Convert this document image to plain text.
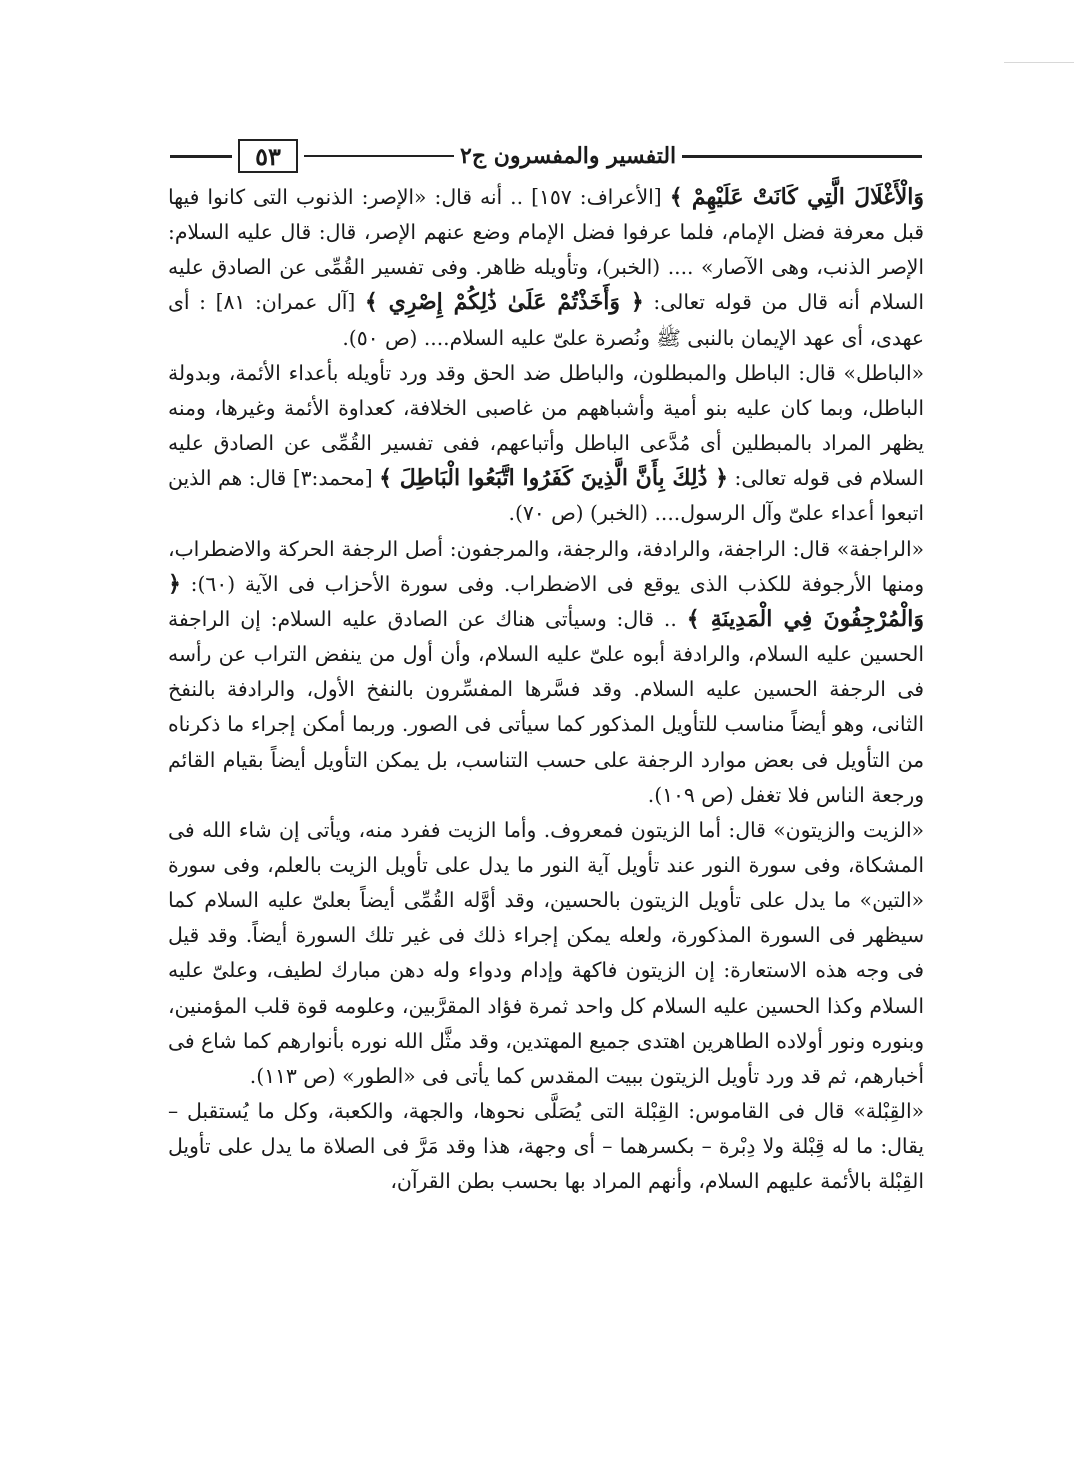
٥٣	التفسير والمفسرون ج٢

وَالْأَغْلَالَ الَّتِي كَانَتْ عَلَيْهِمْ ﴾ [الأعراف: ١٥٧] .. أنه قال: «الإصر: الذنوب التى كانوا فيها قبل معرفة فضل الإمام، فلما عرفوا فضل الإمام وضع عنهم الإصر، قال: قال عليه السلام: الإصر الذنب، وهى الآصار» .... (الخبر)، وتأويله ظاهر. وفى تفسير القُمِّى عن الصادق عليه السلام أنه قال من قوله تعالى: ﴿ وَأَخَذْتُمْ عَلَىٰ ذَٰلِكُمْ إِصْرِي ﴾ [آل عمران: ٨١] : أى عهدى، أى عهد الإيمان بالنبى ﷺ ونُصرة علىّ عليه السلام.... (ص ٥٠).

«الباطل» قال: الباطل والمبطلون، والباطل ضد الحق وقد ورد تأويله بأعداء الأئمة، وبدولة الباطل، وبما كان عليه بنو أمية وأشباههم من غاصبى الخلافة، كعداوة الأئمة وغيرها، ومنه يظهر المراد بالمبطلين أى مُدَّعى الباطل وأتباعهم، ففى تفسير القُمِّى عن الصادق عليه السلام فى قوله تعالى: ﴿ ذَٰلِكَ بِأَنَّ الَّذِينَ كَفَرُوا اتَّبَعُوا الْبَاطِلَ ﴾ [محمد:٣] قال: هم الذين اتبعوا أعداء علىّ وآل الرسول.... (الخبر) (ص ٧٠).

«الراجفة» قال: الراجفة، والرادفة، والرجفة، والمرجفون: أصل الرجفة الحركة والاضطراب، ومنها الأرجوفة للكذب الذى يوقع فى الاضطراب. وفى سورة الأحزاب فى الآية (٦٠): ﴿ وَالْمُرْجِفُونَ فِي الْمَدِينَةِ ﴾ .. قال: وسيأتى هناك عن الصادق عليه السلام: إن الراجفة الحسين عليه السلام، والرادفة أبوه علىّ عليه السلام، وأن أول من ينفض التراب عن رأسه فى الرجفة الحسين عليه السلام. وقد فسَّرها المفسِّرون بالنفخ الأول، والرادفة بالنفخ الثانى، وهو أيضاً مناسب للتأويل المذكور كما سيأتى فى الصور. وربما أمكن إجراء ما ذكرناه من التأويل فى بعض موارد الرجفة على حسب التناسب، بل يمكن التأويل أيضاً بقيام القائم ورجعة الناس فلا تغفل (ص ١٠٩).

«الزيت والزيتون» قال: أما الزيتون فمعروف. وأما الزيت ففرد منه، ويأتى إن شاء الله فى المشكاة، وفى سورة النور عند تأويل آية النور ما يدل على تأويل الزيت بالعلم، وفى سورة «التين» ما يدل على تأويل الزيتون بالحسين، وقد أوَّله القُمِّى أيضاً بعلىّ عليه السلام كما سيظهر فى السورة المذكورة، ولعله يمكن إجراء ذلك فى غير تلك السورة أيضاً. وقد قيل فى وجه هذه الاستعارة: إن الزيتون فاكهة وإدام ودواء وله دهن مبارك لطيف، وعلىّ عليه السلام وكذا الحسين عليه السلام كل واحد ثمرة فؤاد المقرَّبين، وعلومه قوة قلب المؤمنين، وبنوره ونور أولاده الطاهرين اهتدى جميع المهتدين، وقد مثَّل الله نوره بأنوارهم كما شاع فى أخبارهم، ثم قد ورد تأويل الزيتون ببيت المقدس كما يأتى فى «الطور» (ص ١١٣).

«القِبْلة» قال فى القاموس: القِبْلة التى يُصَلَّى نحوها، والجهة، والكعبة، وكل ما يُستقبل – يقال: ما له قِبْلة ولا دِبْرة – بكسرهما – أى وجهة، هذا وقد مَرَّ فى الصلاة ما يدل على تأويل القِبْلة بالأئمة عليهم السلام، وأنهم المراد بها بحسب بطن القرآن،
